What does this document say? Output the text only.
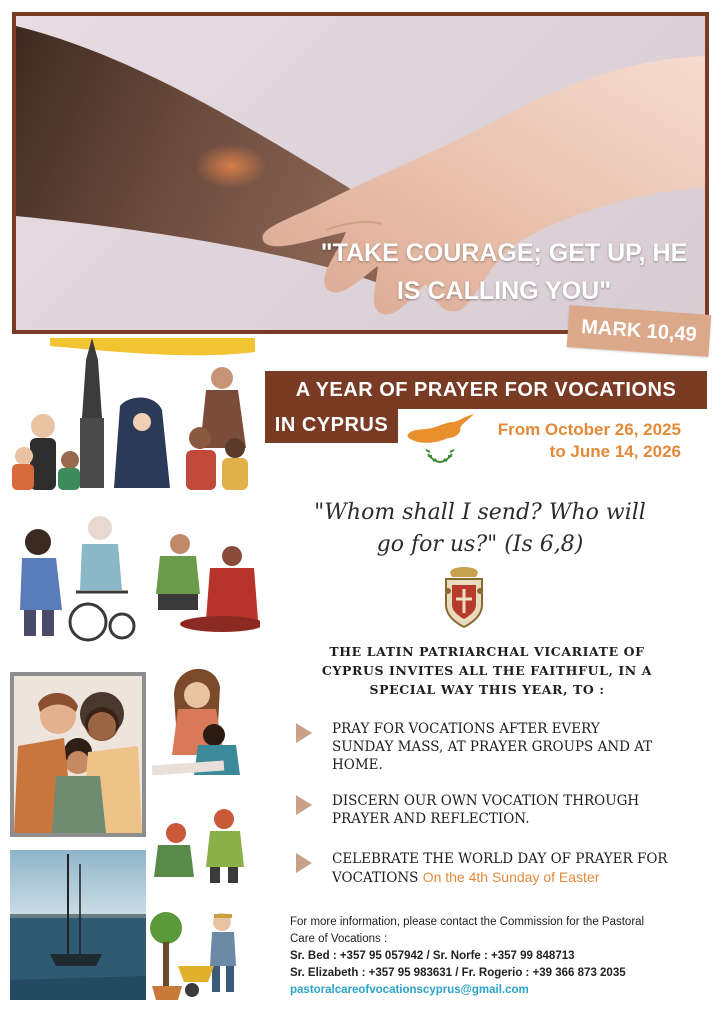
"TAKE COURAGE; GET UP, HE
IS CALLING YOU"

MARK 10,49
A YEAR OF PRAYER FOR VOCATIONS
IN CYPRUS	From October 26, 2025
to June 14, 2026
"Whom shall I send? Who will
go for us?" (Is 6,8)

THE LATIN PATRIARCHAL VICARIATE OF
CYPRUS INVITES ALL THE FAITHFUL, IN A
SPECIAL WAY THIS YEAR, TO :

PRAY FOR VOCATIONS AFTER EVERY
SUNDAY MASS, AT PRAYER GROUPS AND AT
HOME.
DISCERN OUR OWN VOCATION THROUGH
PRAYER AND REFLECTION.
CELEBRATE THE WORLD DAY OF PRAYER FOR
VOCATIONS On the 4th Sunday of Easter
For more information, please contact the Commission for the Pastoral
Care of Vocations :
Sr. Bed : +357 95 057942 / Sr. Norfe : +357 99 848713
Sr. Elizabeth : +357 95 983631 / Fr. Rogerio : +39 366 873 2035
pastoralcareofvocationscyprus@gmail.com
